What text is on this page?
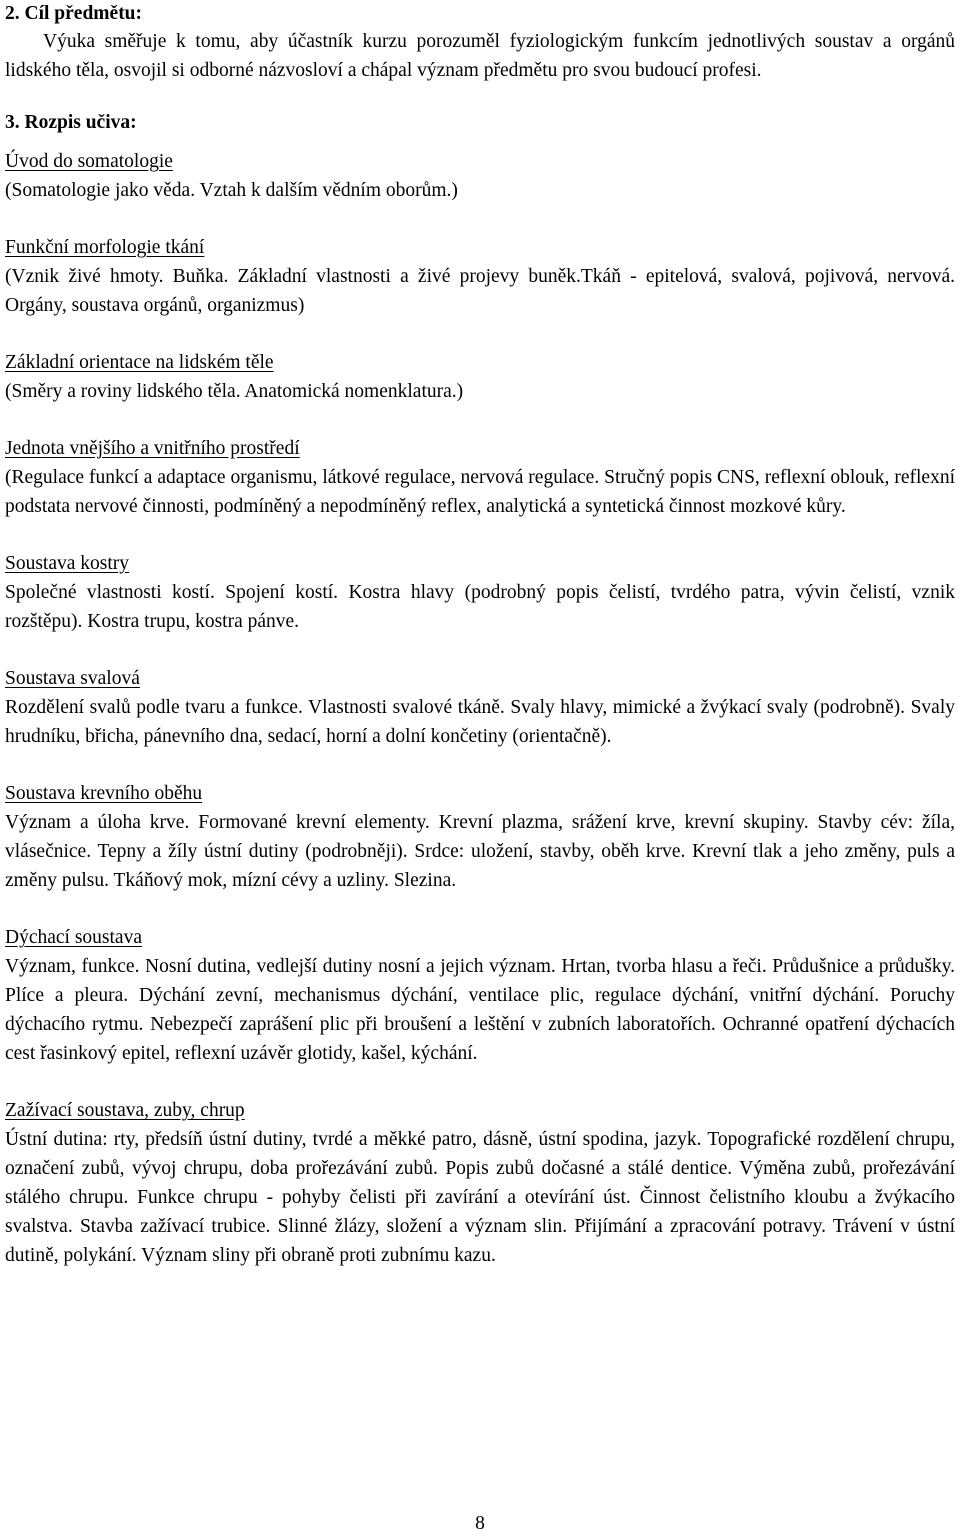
2. Cíl předmětu:

Výuka směřuje k tomu, aby účastník kurzu porozuměl fyziologickým funkcím jednotlivých soustav a orgánů lidského těla, osvojil si odborné názvosloví a chápal význam předmětu pro svou budoucí profesi.

3. Rozpis učiva:
Úvod do somatologie

(Somatologie jako věda. Vztah k dalším vědním oborům.)

Funkční morfologie tkání

(Vznik živé hmoty. Buňka. Základní vlastnosti a živé projevy buněk.Tkáň - epitelová, svalová, pojivová, nervová. Orgány, soustava orgánů, organizmus)

Základní orientace na lidském těle

(Směry a roviny lidského těla. Anatomická nomenklatura.)

Jednota vnějšího a vnitřního prostředí

(Regulace funkcí a adaptace organismu, látkové regulace, nervová regulace. Stručný popis CNS, reflexní oblouk, reflexní podstata nervové činnosti, podmíněný a nepodmíněný reflex, analytická a syntetická činnost mozkové kůry.

Soustava kostry

Společné vlastnosti kostí. Spojení kostí. Kostra hlavy (podrobný popis čelistí, tvrdého patra, vývin čelistí, vznik rozštěpu). Kostra trupu, kostra pánve.

Soustava svalová

Rozdělení svalů podle tvaru a funkce. Vlastnosti svalové tkáně. Svaly hlavy, mimické a žvýkací svaly (podrobně). Svaly hrudníku, břicha, pánevního dna, sedací, horní a dolní končetiny (orientačně).

Soustava krevního oběhu

Význam a úloha krve. Formované krevní elementy. Krevní plazma, srážení krve, krevní skupiny. Stavby cév: žíla, vlásečnice. Tepny a žíly ústní dutiny (podrobněji). Srdce: uložení, stavby, oběh krve. Krevní tlak a jeho změny, puls a změny pulsu. Tkáňový mok, mízní cévy a uzliny. Slezina.

Dýchací soustava

Význam, funkce. Nosní dutina, vedlejší dutiny nosní a jejich význam. Hrtan, tvorba hlasu a řeči. Průdušnice a průdušky. Plíce a pleura. Dýchání zevní, mechanismus dýchání, ventilace plic, regulace dýchání, vnitřní dýchání. Poruchy dýchacího rytmu. Nebezpečí zaprášení plic při broušení a leštění v zubních laboratořích. Ochranné opatření dýchacích cest řasinkový epitel, reflexní uzávěr glotidy, kašel, kýchání.

Zažívací soustava, zuby, chrup

Ústní dutina: rty, předsíň ústní dutiny, tvrdé a měkké patro, dásně, ústní spodina, jazyk. Topografické rozdělení chrupu, označení zubů, vývoj chrupu, doba prořezávání zubů. Popis zubů dočasné a stálé dentice. Výměna zubů, prořezávání stálého chrupu. Funkce chrupu - pohyby čelisti při zavírání a otevírání úst. Činnost čelistního kloubu a žvýkacího svalstva. Stavba zažívací trubice. Slinné žlázy, složení a význam slin. Přijímání a zpracování potravy. Trávení v ústní dutině, polykání. Význam sliny při obraně proti zubnímu kazu.

8
